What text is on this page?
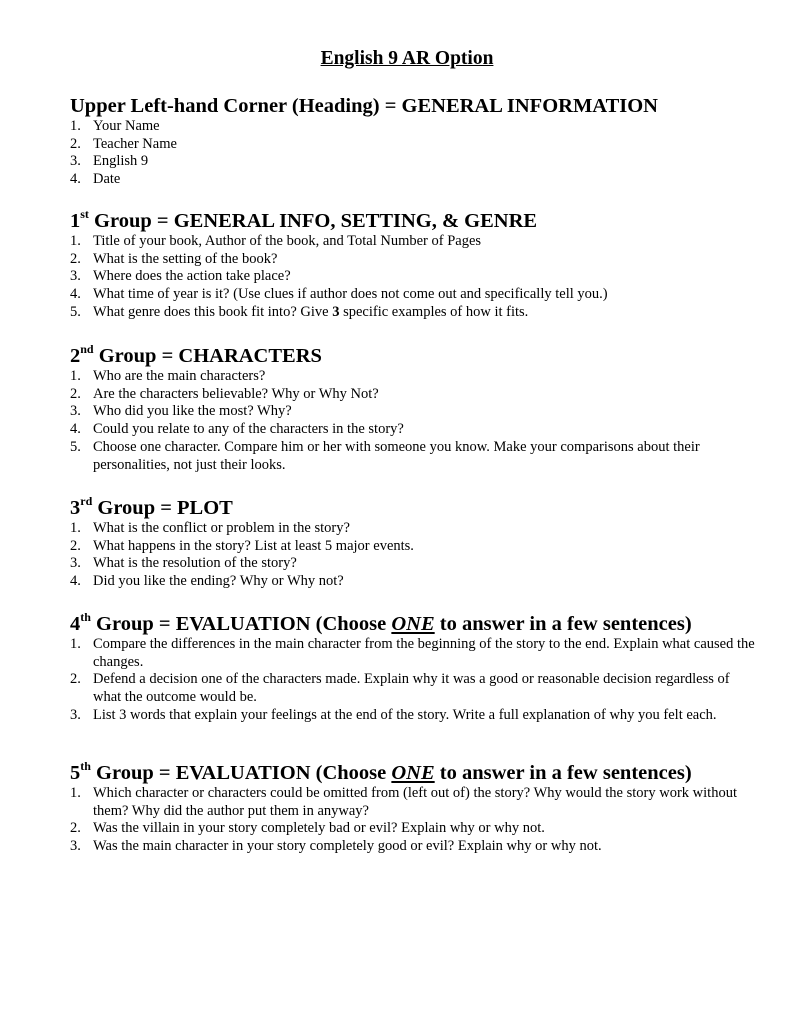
English 9 AR Option
Upper Left-hand Corner (Heading) = GENERAL INFORMATION
1. Your Name
2. Teacher Name
3. English 9
4. Date
1st Group = GENERAL INFO, SETTING, & GENRE
1. Title of your book, Author of the book, and Total Number of Pages
2. What is the setting of the book?
3. Where does the action take place?
4. What time of year is it? (Use clues if author does not come out and specifically tell you.)
5. What genre does this book fit into? Give 3 specific examples of how it fits.
2nd Group = CHARACTERS
1. Who are the main characters?
2. Are the characters believable? Why or Why Not?
3. Who did you like the most? Why?
4. Could you relate to any of the characters in the story?
5. Choose one character. Compare him or her with someone you know. Make your comparisons about their personalities, not just their looks.
3rd Group = PLOT
1. What is the conflict or problem in the story?
2. What happens in the story? List at least 5 major events.
3. What is the resolution of the story?
4. Did you like the ending? Why or Why not?
4th Group = EVALUATION (Choose ONE to answer in a few sentences)
1. Compare the differences in the main character from the beginning of the story to the end. Explain what caused the changes.
2. Defend a decision one of the characters made. Explain why it was a good or reasonable decision regardless of what the outcome would be.
3. List 3 words that explain your feelings at the end of the story. Write a full explanation of why you felt each.
5th Group = EVALUATION (Choose ONE to answer in a few sentences)
1. Which character or characters could be omitted from (left out of) the story? Why would the story work without them? Why did the author put them in anyway?
2. Was the villain in your story completely bad or evil? Explain why or why not.
3. Was the main character in your story completely good or evil? Explain why or why not.
